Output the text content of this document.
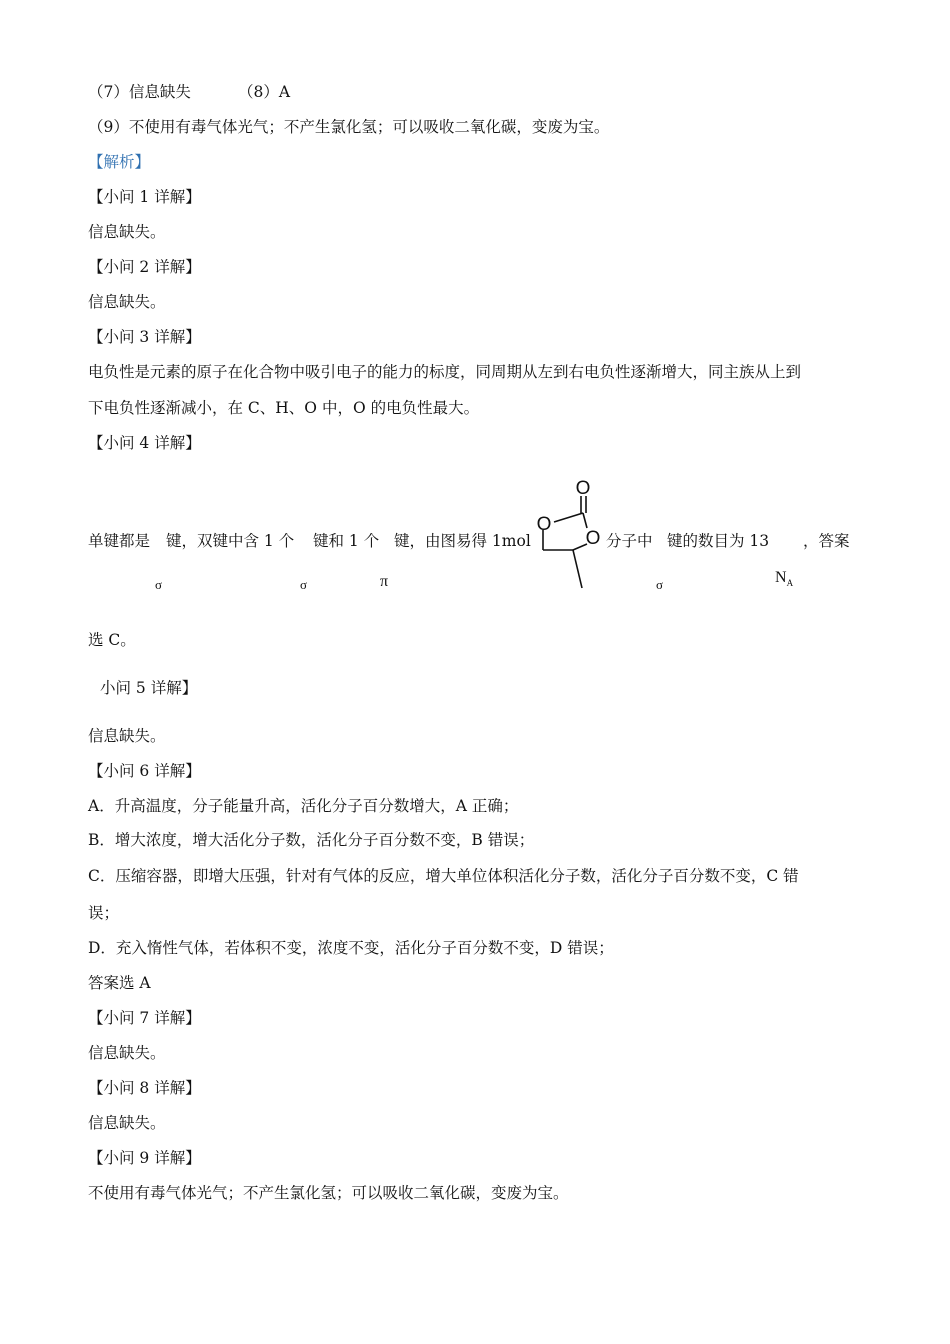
（7）信息缺失	（8）A
（9）不使用有毒气体光气；不产生氯化氢；可以吸收二氧化碳，变废为宝。
【解析】
【小问 1 详解】
信息缺失。
【小问 2 详解】
信息缺失。
【小问 3 详解】
电负性是元素的原子在化合物中吸引电子的能力的标度，同周期从左到右电负性逐渐增大，同主族从上到
下电负性逐渐减小，在 C、H、O 中，O 的电负性最大。
【小问 4 详解】
单键都是 键，双键中含 1 个 键和 1 个 键，由图易得 1mol	分子中 键的数目为 13 ，答案
σ	σ	π	σ	$N_A$
O
O
O
选 C。
小问 5 详解】
信息缺失。
【小问 6 详解】
A．升高温度，分子能量升高，活化分子百分数增大，A 正确；
B．增大浓度，增大活化分子数，活化分子百分数不变，B 错误；
C．压缩容器，即增大压强，针对有气体的反应，增大单位体积活化分子数，活化分子百分数不变，C 错
误；
D．充入惰性气体，若体积不变，浓度不变，活化分子百分数不变，D 错误；
答案选 A
【小问 7 详解】
信息缺失。
【小问 8 详解】
信息缺失。
【小问 9 详解】
不使用有毒气体光气；不产生氯化氢；可以吸收二氧化碳，变废为宝。
